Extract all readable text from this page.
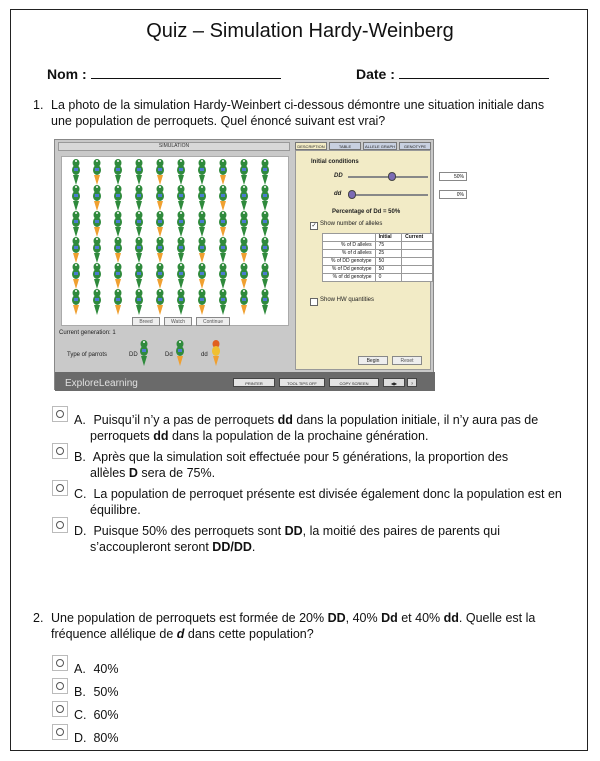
Quiz – Simulation Hardy-Weinberg
Nom :	Date :
1. La photo de la simulation Hardy-Weinbert ci-dessous démontre une situation initiale dans
une population de perroquets. Quel énoncé suivant est vrai?
SIMULATION
Breed	Watch	Continue
Current generation: 1
Type of parrots	DD	Dd	dd
DESCRIPTION	TABLE	ALLELE GRAPH	GENOTYPE
Initial conditions
DD	50%
dd	0%
Percentage of Dd = 50%
✓ Show number of alleles
Show HW quantities
Begin	Reset
	Initial	Current
% of D alleles	75	
% of d alleles	25	
% of DD genotype	50	
% of Dd genotype	50	
% of dd genotype	0	
ExploreLearning	PRINTER	TOOL TIPS OFF	COPY SCREEN	◀▶	?
A. Puisqu’il n’y a pas de perroquets dd dans la population initiale, il n’y aura pas de
perroquets dd dans la population de la prochaine génération.
B. Après que la simulation soit effectuée pour 5 générations, la proportion des
allèles D sera de 75%.
C. La population de perroquet présente est divisée également donc la population est en
équilibre.
D. Puisque 50% des perroquets sont DD, la moitié des paires de parents qui
s’accoupleront seront DD/DD.
2. Une population de perroquets est formée de 20% DD, 40% Dd et 40% dd. Quelle est la
fréquence allélique de d dans cette population?
A. 40%
B. 50%
C. 60%
D. 80%
